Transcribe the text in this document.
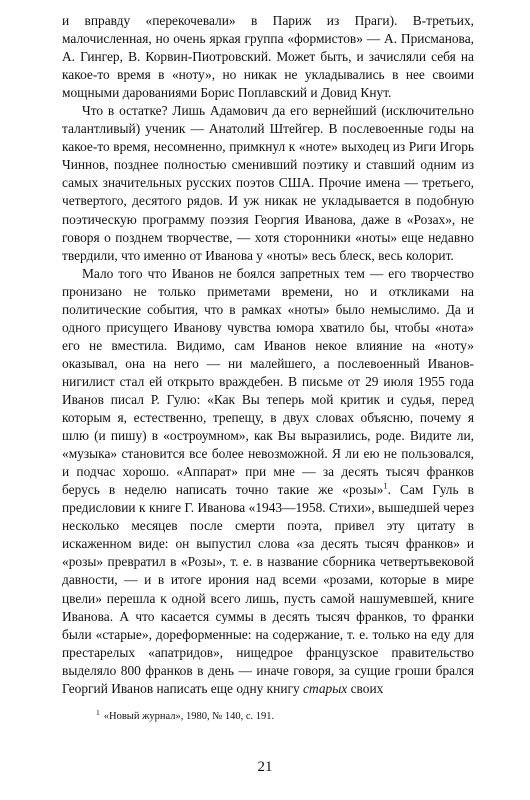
и вправду «перекочевали» в Париж из Праги). В-третьих, малочисленная, но очень яркая группа «формистов» — А. Присманова, А. Гингер, В. Корвин-Пиотровский. Может быть, и зачисляли себя на какое-то время в «ноту», но никак не укладывались в нее своими мощными дарованиями Борис Поплавский и Довид Кнут.

Что в остатке? Лишь Адамович да его вернейший (исключительно талантливый) ученик — Анатолий Штейгер. В послевоенные годы на какое-то время, несомненно, примкнул к «ноте» выходец из Риги Игорь Чиннов, позднее полностью сменивший поэтику и ставший одним из самых значительных русских поэтов США. Прочие имена — третьего, четвертого, десятого рядов. И уж никак не укладывается в подобную поэтическую программу поэзия Георгия Иванова, даже в «Розах», не говоря о позднем творчестве, — хотя сторонники «ноты» еще недавно твердили, что именно от Иванова у «ноты» весь блеск, весь колорит.

Мало того что Иванов не боялся запретных тем — его творчество пронизано не только приметами времени, но и откликами на политические события, что в рамках «ноты» было немыслимо. Да и одного присущего Иванову чувства юмора хватило бы, чтобы «нота» его не вместила. Видимо, сам Иванов некое влияние на «ноту» оказывал, она на него — ни малейшего, а послевоенный Иванов-нигилист стал ей открыто враждебен. В письме от 29 июля 1955 года Иванов писал Р. Гулю: «Как Вы теперь мой критик и судья, перед которым я, естественно, трепещу, в двух словах объясню, почему я шлю (и пишу) в «остроумном», как Вы выразились, роде. Видите ли, «музыка» становится все более невозможной. Я ли ею не пользовался, и подчас хорошо. «Аппарат» при мне — за десять тысяч франков берусь в неделю написать точно такие же «розы»$^1$. Сам Гуль в предисловии к книге Г. Иванова «1943—1958. Стихи», вышедшей через несколько месяцев после смерти поэта, привел эту цитату в искаженном виде: он выпустил слова «за десять тысяч франков» и «розы» превратил в «Розы», т. е. в название сборника четвертьвековой давности, — и в итоге ирония над всеми «розами, которые в мире цвели» перешла к одной всего лишь, пусть самой нашумевшей, книге Иванова. А что касается суммы в десять тысяч франков, то франки были «старые», дореформенные: на содержание, т. е. только на еду для престарелых «апатридов», нищедрое французское правительство выделяло 800 франков в день — иначе говоря, за сущие гроши брался Георгий Иванов написать еще одну книгу старых своих

$^1$ «Новый журнал», 1980, № 140, с. 191.
21
